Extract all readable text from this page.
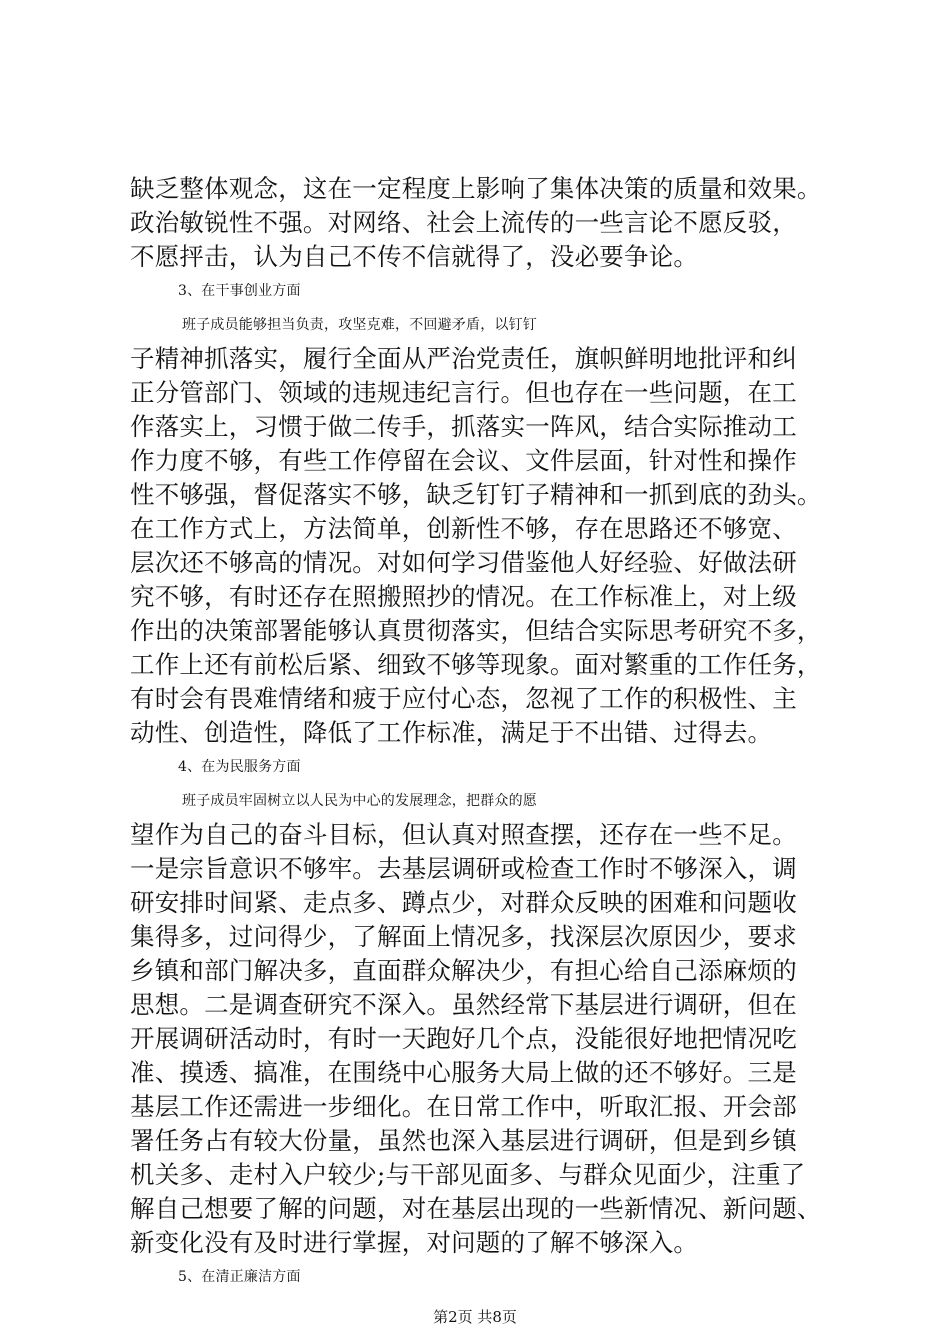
缺乏整体观念，这在一定程度上影响了集体决策的质量和效果。
政治敏锐性不强。对网络、社会上流传的一些言论不愿反驳，
不愿抨击，认为自己不传不信就得了，没必要争论。
3、在干事创业方面
班子成员能够担当负责，攻坚克难，不回避矛盾，以钉钉
子精神抓落实，履行全面从严治党责任，旗帜鲜明地批评和纠
正分管部门、领域的违规违纪言行。但也存在一些问题，在工
作落实上，习惯于做二传手，抓落实一阵风，结合实际推动工
作力度不够，有些工作停留在会议、文件层面，针对性和操作
性不够强，督促落实不够，缺乏钉钉子精神和一抓到底的劲头。
在工作方式上，方法简单，创新性不够，存在思路还不够宽、
层次还不够高的情况。对如何学习借鉴他人好经验、好做法研
究不够，有时还存在照搬照抄的情况。在工作标准上，对上级
作出的决策部署能够认真贯彻落实，但结合实际思考研究不多，
工作上还有前松后紧、细致不够等现象。面对繁重的工作任务，
有时会有畏难情绪和疲于应付心态，忽视了工作的积极性、主
动性、创造性，降低了工作标准，满足于不出错、过得去。
4、在为民服务方面
班子成员牢固树立以人民为中心的发展理念，把群众的愿
望作为自己的奋斗目标，但认真对照查摆，还存在一些不足。
一是宗旨意识不够牢。去基层调研或检查工作时不够深入，调
研安排时间紧、走点多、蹲点少，对群众反映的困难和问题收
集得多，过问得少，了解面上情况多，找深层次原因少，要求
乡镇和部门解决多，直面群众解决少，有担心给自己添麻烦的
思想。二是调查研究不深入。虽然经常下基层进行调研，但在
开展调研活动时，有时一天跑好几个点，没能很好地把情况吃
准、摸透、搞准，在围绕中心服务大局上做的还不够好。三是
基层工作还需进一步细化。在日常工作中，听取汇报、开会部
署任务占有较大份量，虽然也深入基层进行调研，但是到乡镇
机关多、走村入户较少;与干部见面多、与群众见面少，注重了
解自己想要了解的问题，对在基层出现的一些新情况、新问题、
新变化没有及时进行掌握，对问题的了解不够深入。
5、在清正廉洁方面
第2页 共8页
